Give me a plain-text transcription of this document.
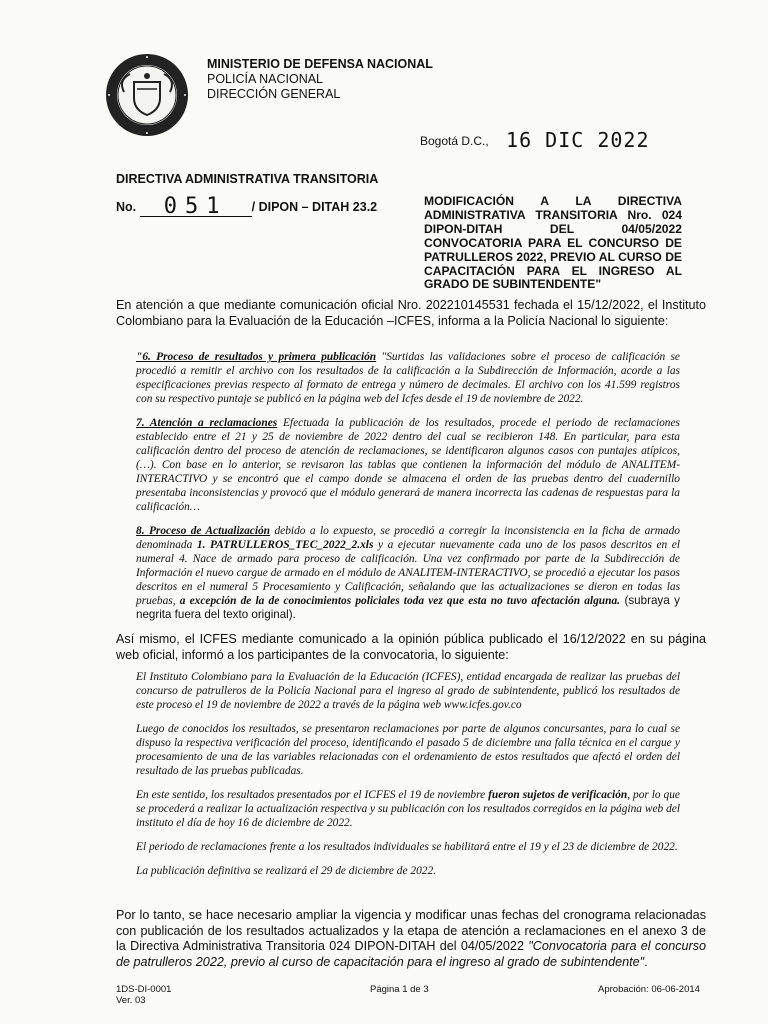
MINISTERIO DE DEFENSA NACIONAL
POLICÍA NACIONAL
DIRECCIÓN GENERAL
Bogotá D.C., 16 DIC 2022
DIRECTIVA ADMINISTRATIVA TRANSITORIA
No. 051 / DIPON – DITAH 23.2	MODIFICACIÓN A LA DIRECTIVA ADMINISTRATIVA TRANSITORIA Nro. 024 DIPON-DITAH DEL 04/05/2022 CONVOCATORIA PARA EL CONCURSO DE PATRULLEROS 2022, PREVIO AL CURSO DE CAPACITACIÓN PARA EL INGRESO AL GRADO DE SUBINTENDENTE"
En atención a que mediante comunicación oficial Nro. 202210145531 fechada el 15/12/2022, el Instituto Colombiano para la Evaluación de la Educación –ICFES, informa a la Policía Nacional lo siguiente:

"6. Proceso de resultados y primera publicación "Surtidas las validaciones sobre el proceso de calificación se procedió a remitir el archivo con los resultados de la calificación a la Subdirección de Información, acorde a las especificaciones previas respecto al formato de entrega y número de decimales. El archivo con los 41.599 registros con su respectivo puntaje se publicó en la página web del Icfes desde el 19 de noviembre de 2022.

7. Atención a reclamaciones Efectuada la publicación de los resultados, procede el periodo de reclamaciones establecido entre el 21 y 25 de noviembre de 2022 dentro del cual se recibieron 148. En particular, para esta calificación dentro del proceso de atención de reclamaciones, se identificaron algunos casos con puntajes atípicos, (…). Con base en lo anterior, se revisaron las tablas que contienen la información del módulo de ANALITEM-INTERACTIVO y se encontró que el campo donde se almacena el orden de las pruebas dentro del cuadernillo presentaba inconsistencias y provocó que el módulo generará de manera incorrecta las cadenas de respuestas para la calificación…

8. Proceso de Actualización debido a lo expuesto, se procedió a corregir la inconsistencia en la ficha de armado denominada 1. PATRULLEROS_TEC_2022_2.xls y a ejecutar nuevamente cada uno de los pasos descritos en el numeral 4. Nace de armado para proceso de calificación. Una vez confirmado por parte de la Subdirección de Información el nuevo cargue de armado en el módulo de ANALITEM-INTERACTIVO, se procedió a ejecutar los pasos descritos en el numeral 5 Procesamiento y Calificación, señalando que las actualizaciones se dieron en todas las pruebas, a excepción de la de conocimientos policiales toda vez que esta no tuvo afectación alguna. (subraya y negrita fuera del texto original).

Así mismo, el ICFES mediante comunicado a la opinión pública publicado el 16/12/2022 en su página web oficial, informó a los participantes de la convocatoria, lo siguiente:

El Instituto Colombiano para la Evaluación de la Educación (ICFES), entidad encargada de realizar las pruebas del concurso de patrulleros de la Policía Nacional para el ingreso al grado de subintendente, publicó los resultados de este proceso el 19 de noviembre de 2022 a través de la página web www.icfes.gov.co

Luego de conocidos los resultados, se presentaron reclamaciones por parte de algunos concursantes, para lo cual se dispuso la respectiva verificación del proceso, identificando el pasado 5 de diciembre una falla técnica en el cargue y procesamiento de una de las variables relacionadas con el ordenamiento de estos resultados que afectó el orden del resultado de las pruebas publicadas.

En este sentido, los resultados presentados por el ICFES el 19 de noviembre fueron sujetos de verificación, por lo que se procederá a realizar la actualización respectiva y su publicación con los resultados corregidos en la página web del instituto el día de hoy 16 de diciembre de 2022.

El periodo de reclamaciones frente a los resultados individuales se habilitará entre el 19 y el 23 de diciembre de 2022.

La publicación definitiva se realizará el 29 de diciembre de 2022.

Por lo tanto, se hace necesario ampliar la vigencia y modificar unas fechas del cronograma relacionadas con publicación de los resultados actualizados y la etapa de atención a reclamaciones en el anexo 3 de la Directiva Administrativa Transitoria 024 DIPON-DITAH del 04/05/2022 "Convocatoria para el concurso de patrulleros 2022, previo al curso de capacitación para el ingreso al grado de subintendente".
1DS-DI-0001
Ver. 03
Página 1 de 3	Aprobación: 06-06-2014
